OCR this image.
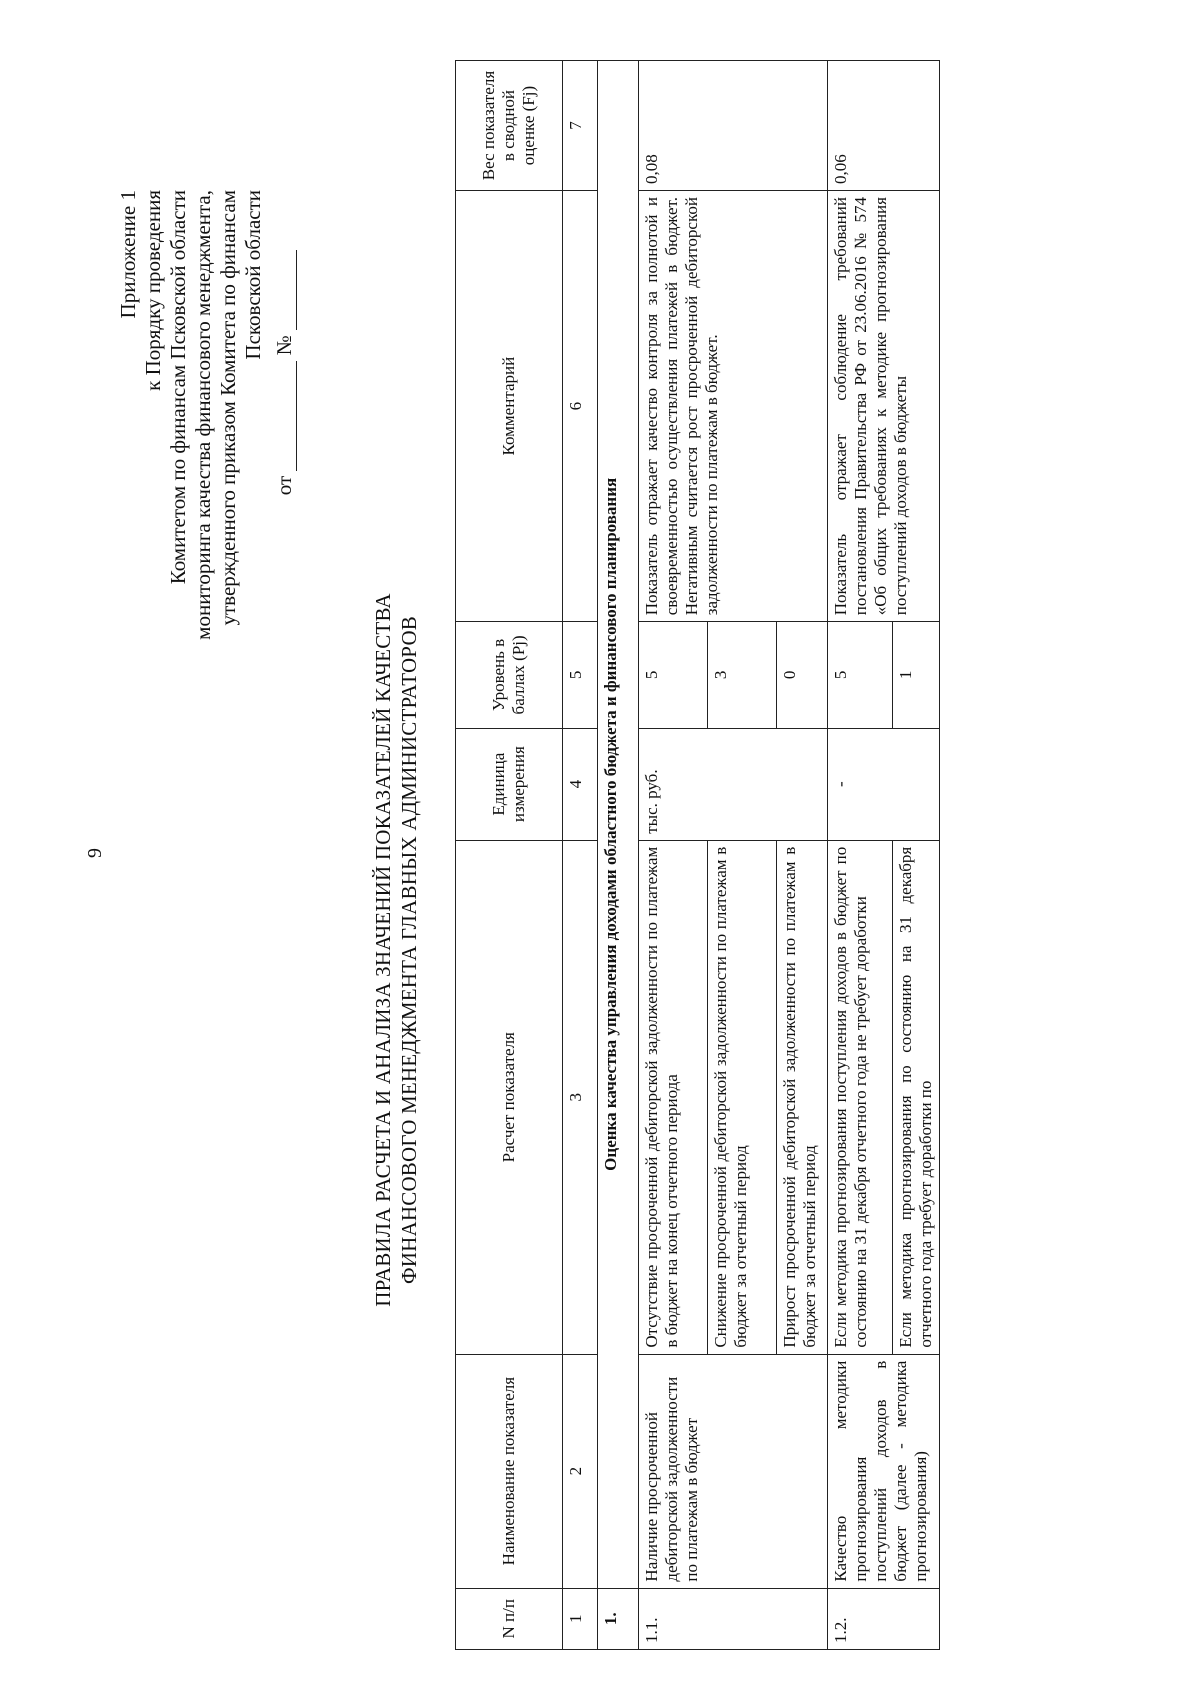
9
Приложение 1 к Порядку проведения Комитетом по финансам Псковской области мониторинга качества финансового менеджмента, утвержденного приказом Комитета по финансам Псковской области
от  №
ПРАВИЛА РАСЧЕТА И АНАЛИЗА ЗНАЧЕНИЙ ПОКАЗАТЕЛЕЙ КАЧЕСТВА ФИНАНСОВОГО МЕНЕДЖМЕНТА ГЛАВНЫХ АДМИНИСТРАТОРОВ
N п/п	Наименование показателя	Расчет показателя	Единица измерения	Уровень в баллах (Pj)	Комментарий	Вес показателя в сводной оценке (Fj)
1	2	3	4	5	6	7
1.	Оценка качества управления доходами областного бюджета и финансового планирования					
1.1.	Наличие просроченной дебиторской задолженности по платежам в бюджет	Отсутствие просроченной дебиторской задолженности по платежам в бюджет на конец отчетного периода	тыс. руб.	5	Показатель отражает качество контроля за полнотой и своевременностью осуществления платежей в бюджет. Негативным считается рост просроченной дебиторской задолженности по платежам в бюджет.	0,08
		Снижение просроченной дебиторской задолженности по платежам в бюджет за отчетный период		3		
		Прирост просроченной дебиторской задолженности по платежам в бюджет за отчетный период		0		
1.2.	Качество методики прогнозирования поступлений доходов в бюджет (далее - методика прогнозирования)	Если методика прогнозирования поступления доходов в бюджет по состоянию на 31 декабря отчетного года не требует доработки	-	5	Показатель отражает соблюдение требований постановления Правительства РФ от 23.06.2016 № 574 «Об общих требованиях к методике прогнозирования поступлений доходов в бюджеты	0,06
		Если методика прогнозирования по состоянию на 31 декабря отчетного года требует доработки по		1		
